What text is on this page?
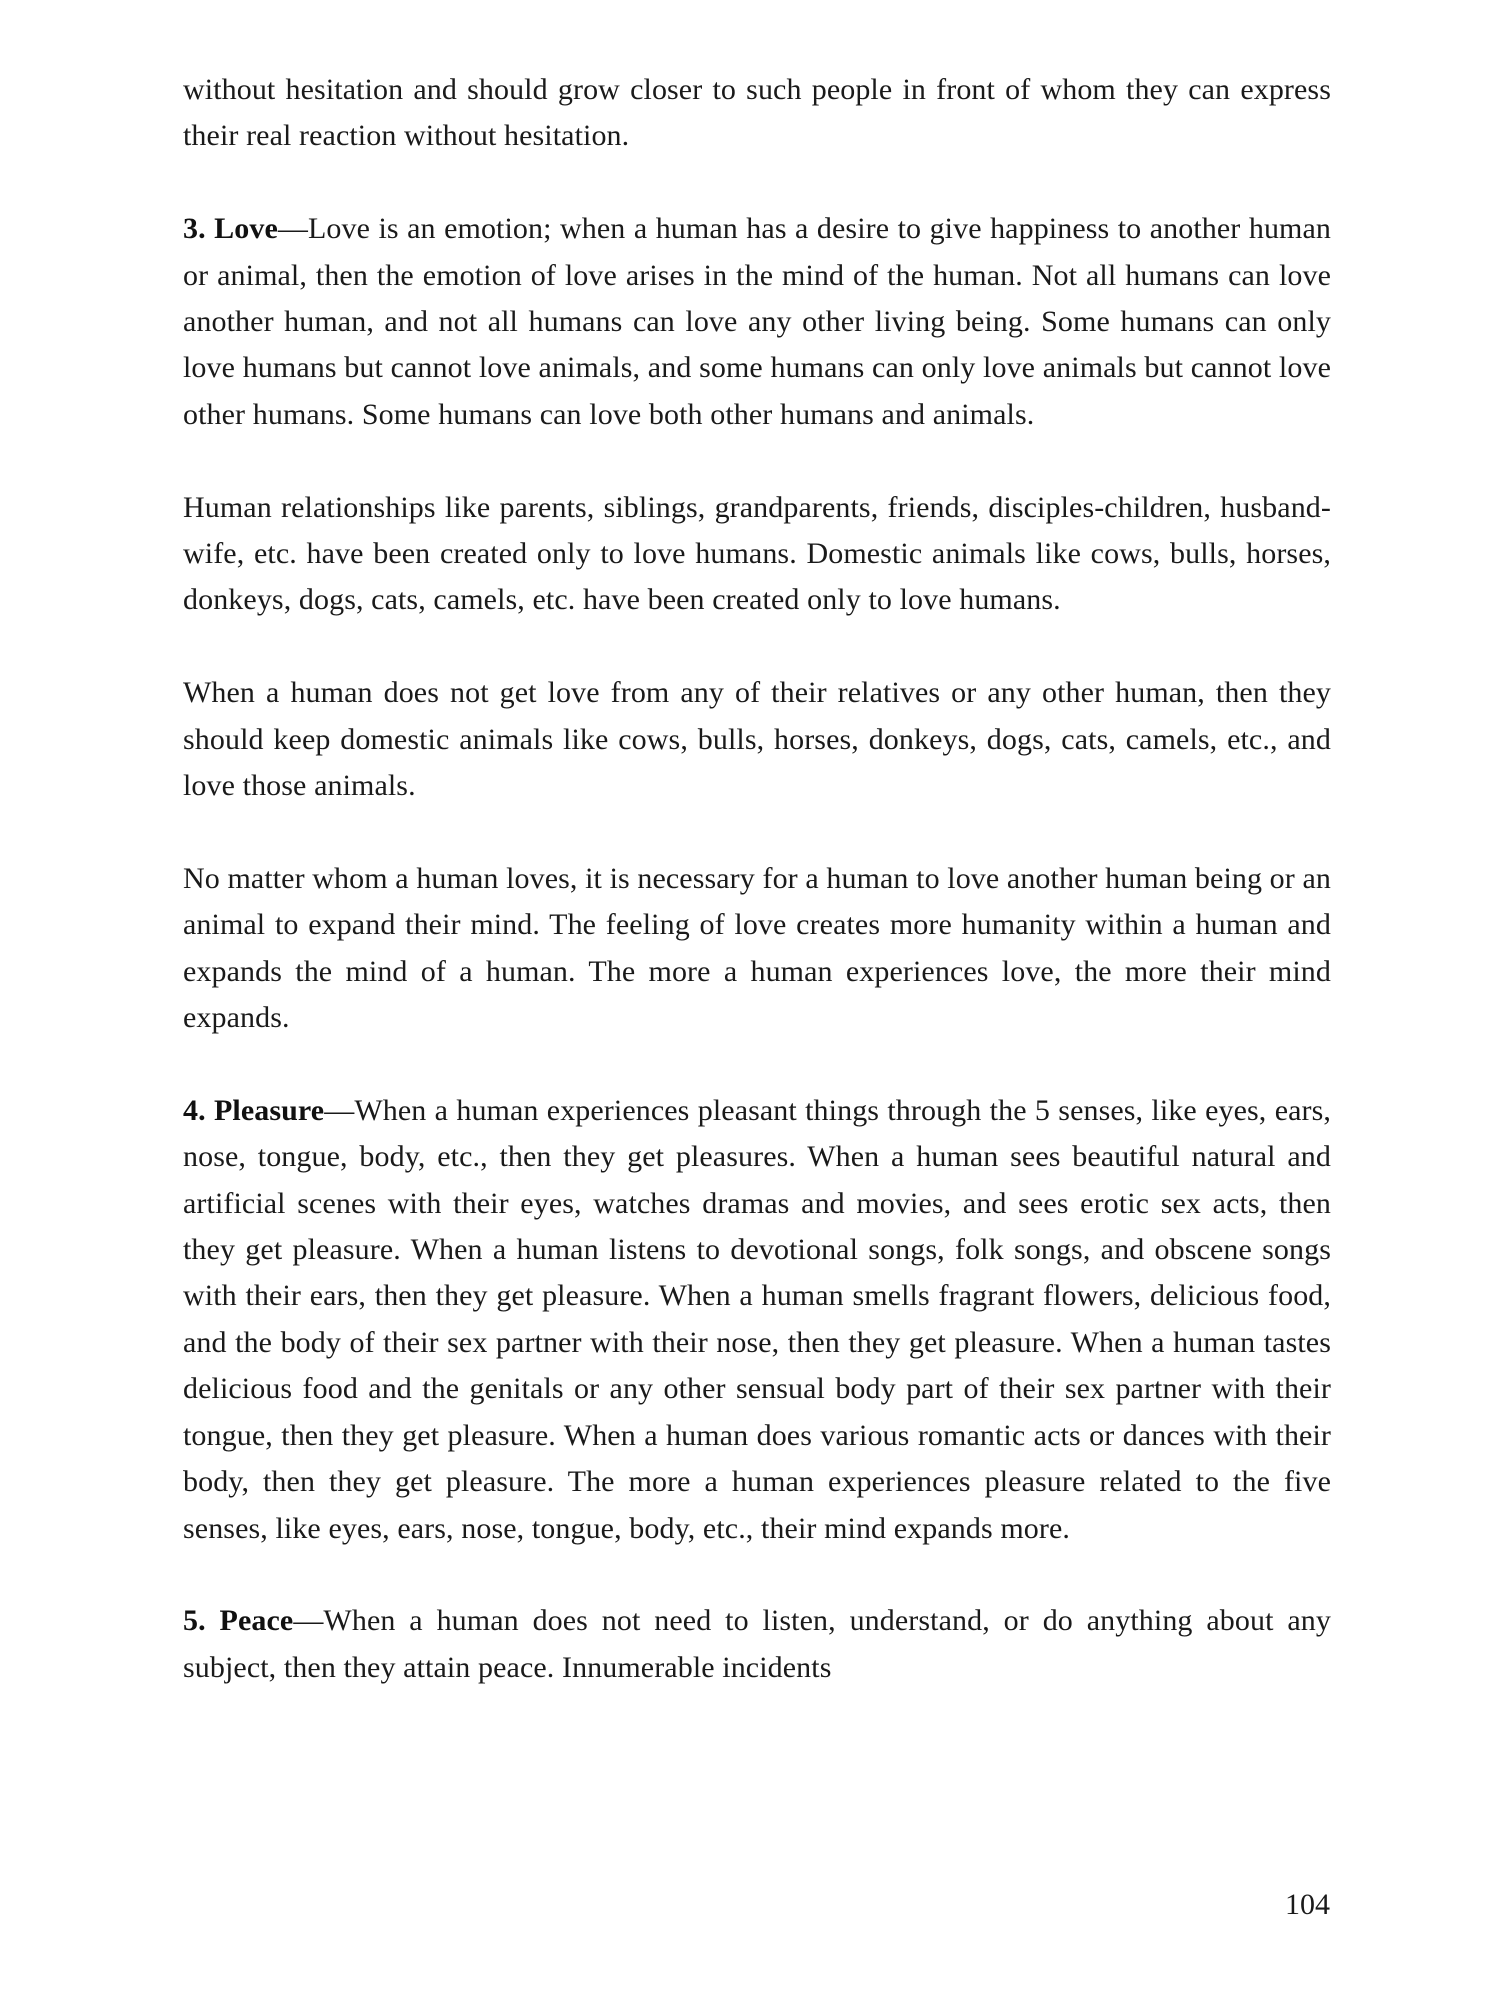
without hesitation and should grow closer to such people in front of whom they can express their real reaction without hesitation.

3. Love—Love is an emotion; when a human has a desire to give happiness to another human or animal, then the emotion of love arises in the mind of the human. Not all humans can love another human, and not all humans can love any other living being. Some humans can only love humans but cannot love animals, and some humans can only love animals but cannot love other humans. Some humans can love both other humans and animals.

Human relationships like parents, siblings, grandparents, friends, disciples-children, husband-wife, etc. have been created only to love humans. Domestic animals like cows, bulls, horses, donkeys, dogs, cats, camels, etc. have been created only to love humans.

When a human does not get love from any of their relatives or any other human, then they should keep domestic animals like cows, bulls, horses, donkeys, dogs, cats, camels, etc., and love those animals.

No matter whom a human loves, it is necessary for a human to love another human being or an animal to expand their mind. The feeling of love creates more humanity within a human and expands the mind of a human. The more a human experiences love, the more their mind expands.

4. Pleasure—When a human experiences pleasant things through the 5 senses, like eyes, ears, nose, tongue, body, etc., then they get pleasures. When a human sees beautiful natural and artificial scenes with their eyes, watches dramas and movies, and sees erotic sex acts, then they get pleasure. When a human listens to devotional songs, folk songs, and obscene songs with their ears, then they get pleasure. When a human smells fragrant flowers, delicious food, and the body of their sex partner with their nose, then they get pleasure. When a human tastes delicious food and the genitals or any other sensual body part of their sex partner with their tongue, then they get pleasure. When a human does various romantic acts or dances with their body, then they get pleasure. The more a human experiences pleasure related to the five senses, like eyes, ears, nose, tongue, body, etc., their mind expands more.

5. Peace—When a human does not need to listen, understand, or do anything about any subject, then they attain peace. Innumerable incidents

104
